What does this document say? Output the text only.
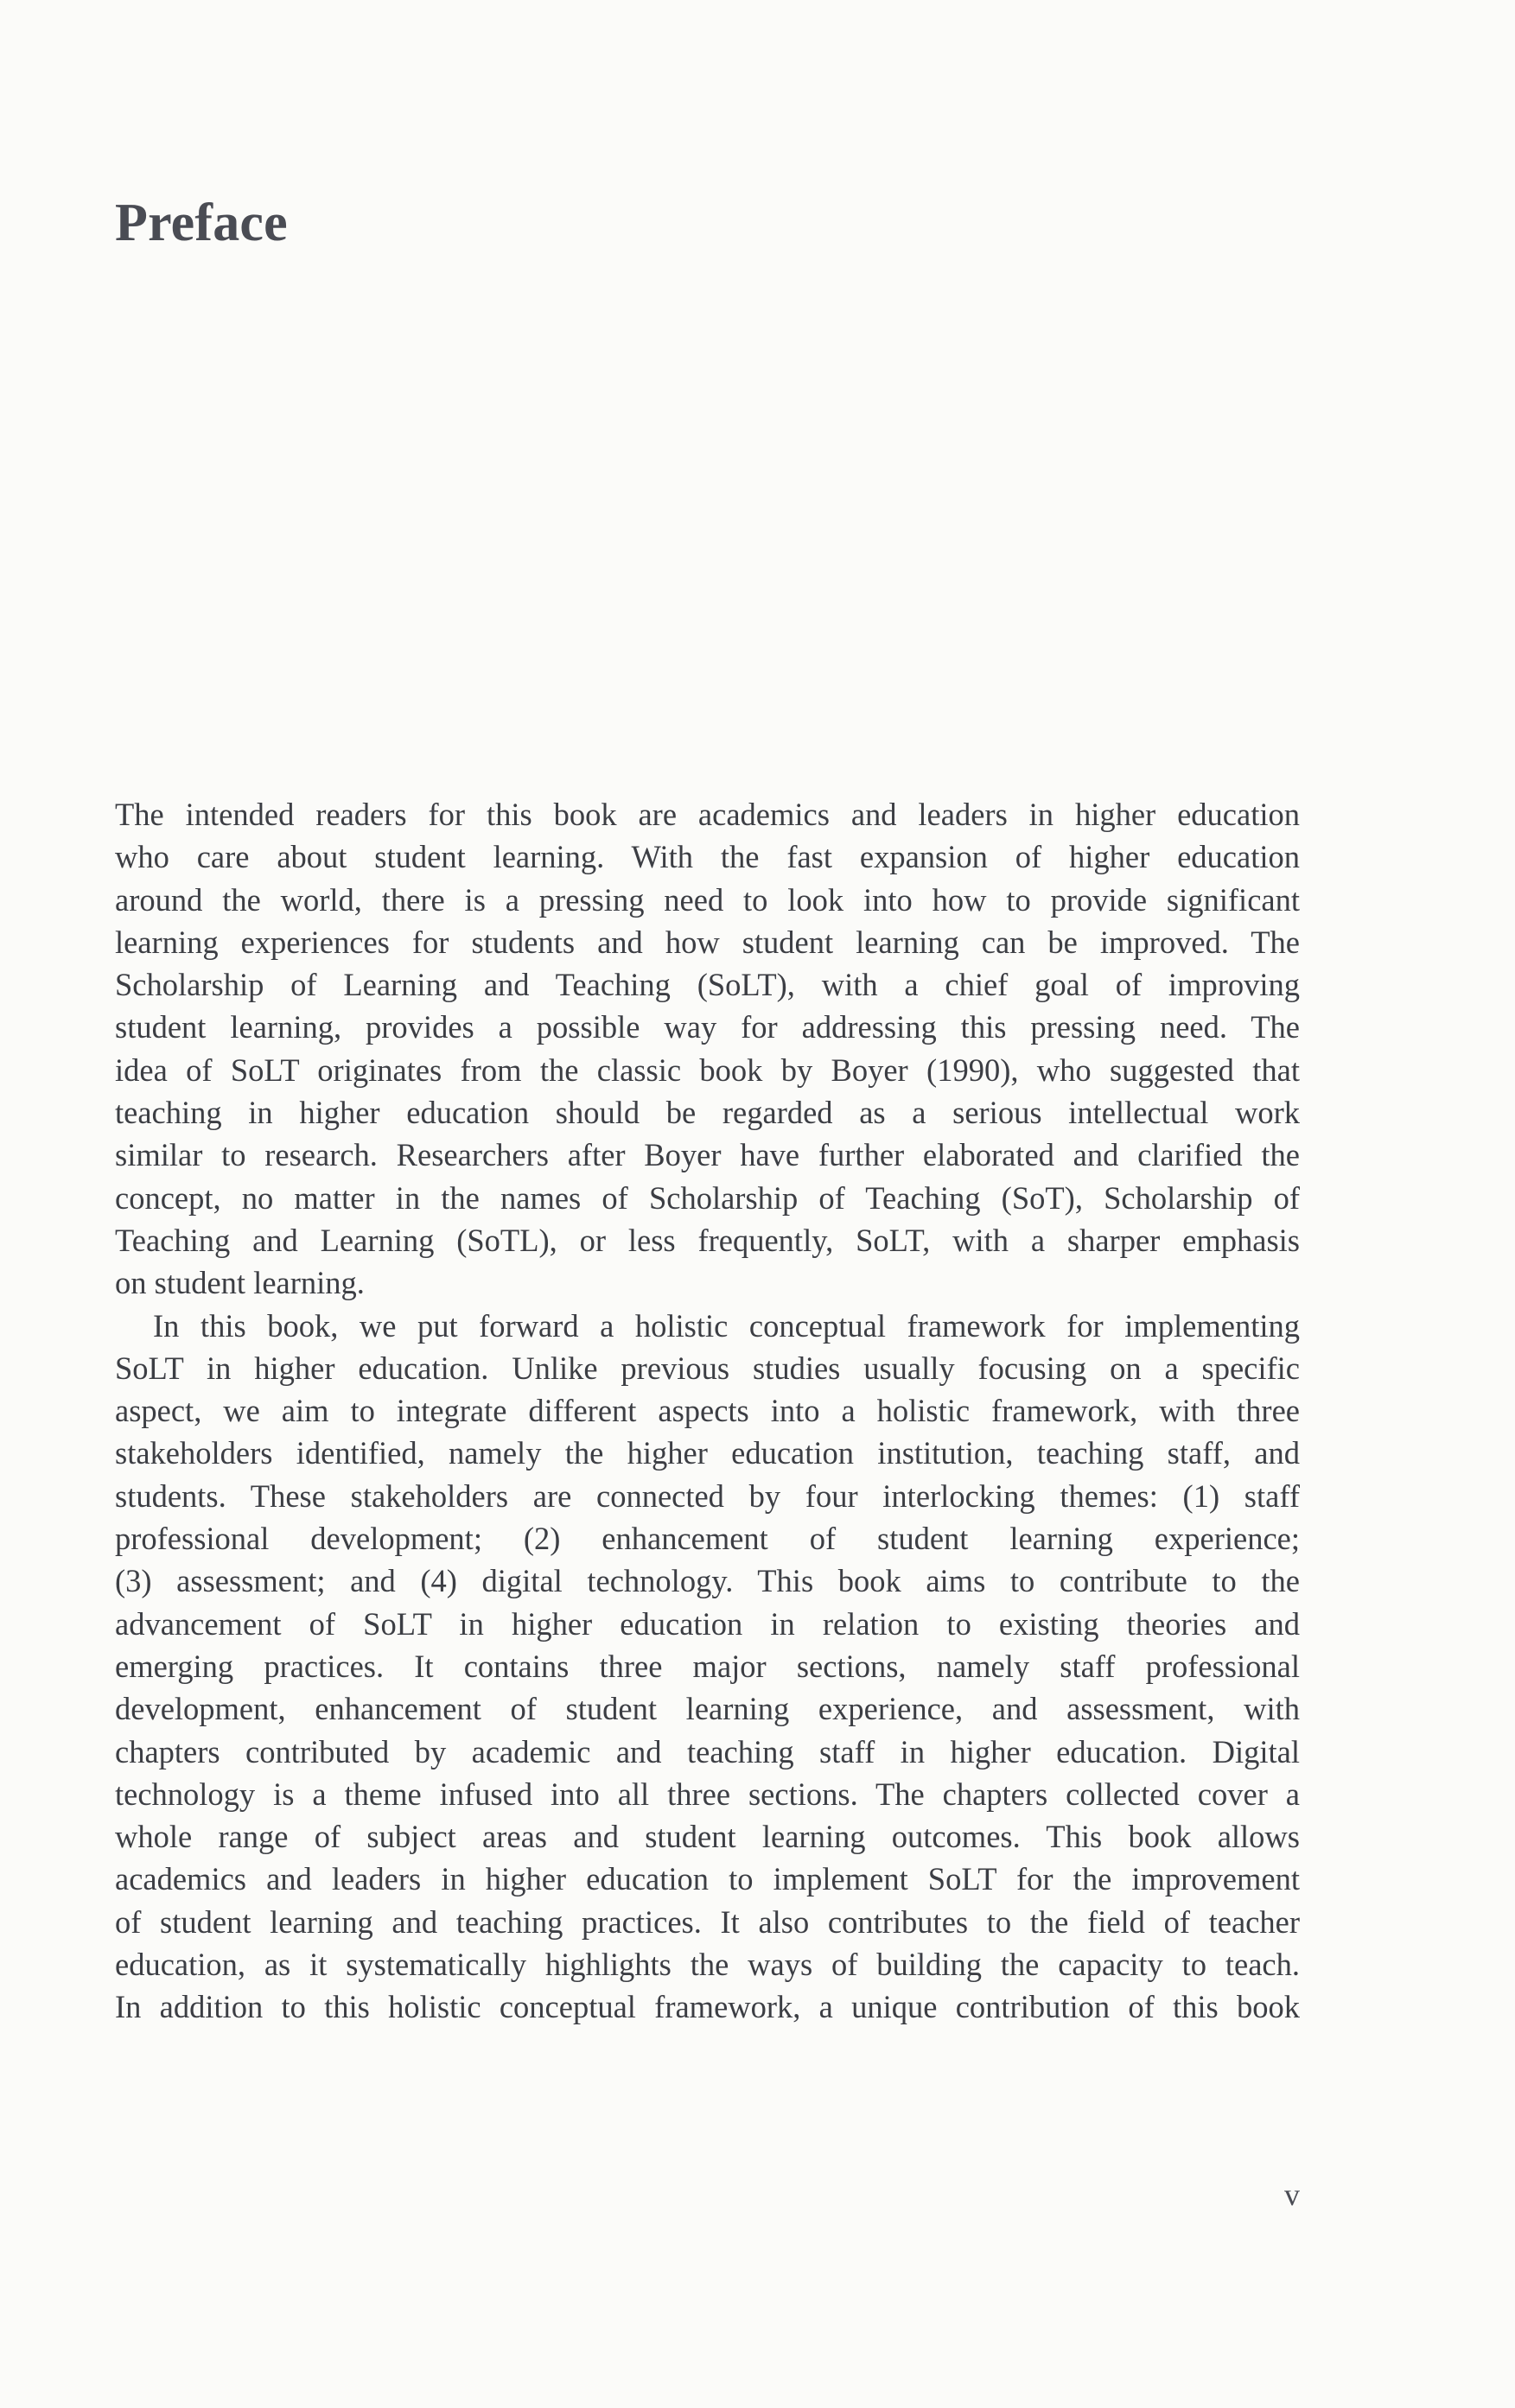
Preface

The intended readers for this book are academics and leaders in higher education
who care about student learning. With the fast expansion of higher education
around the world, there is a pressing need to look into how to provide significant
learning experiences for students and how student learning can be improved. The
Scholarship of Learning and Teaching (SoLT), with a chief goal of improving
student learning, provides a possible way for addressing this pressing need. The
idea of SoLT originates from the classic book by Boyer (1990), who suggested that
teaching in higher education should be regarded as a serious intellectual work
similar to research. Researchers after Boyer have further elaborated and clarified the
concept, no matter in the names of Scholarship of Teaching (SoT), Scholarship of
Teaching and Learning (SoTL), or less frequently, SoLT, with a sharper emphasis
on student learning.

In this book, we put forward a holistic conceptual framework for implementing
SoLT in higher education. Unlike previous studies usually focusing on a specific
aspect, we aim to integrate different aspects into a holistic framework, with three
stakeholders identified, namely the higher education institution, teaching staff, and
students. These stakeholders are connected by four interlocking themes: (1) staff
professional development; (2) enhancement of student learning experience;
(3) assessment; and (4) digital technology. This book aims to contribute to the
advancement of SoLT in higher education in relation to existing theories and
emerging practices. It contains three major sections, namely staff professional
development, enhancement of student learning experience, and assessment, with
chapters contributed by academic and teaching staff in higher education. Digital
technology is a theme infused into all three sections. The chapters collected cover a
whole range of subject areas and student learning outcomes. This book allows
academics and leaders in higher education to implement SoLT for the improvement
of student learning and teaching practices. It also contributes to the field of teacher
education, as it systematically highlights the ways of building the capacity to teach.
In addition to this holistic conceptual framework, a unique contribution of this book

v
